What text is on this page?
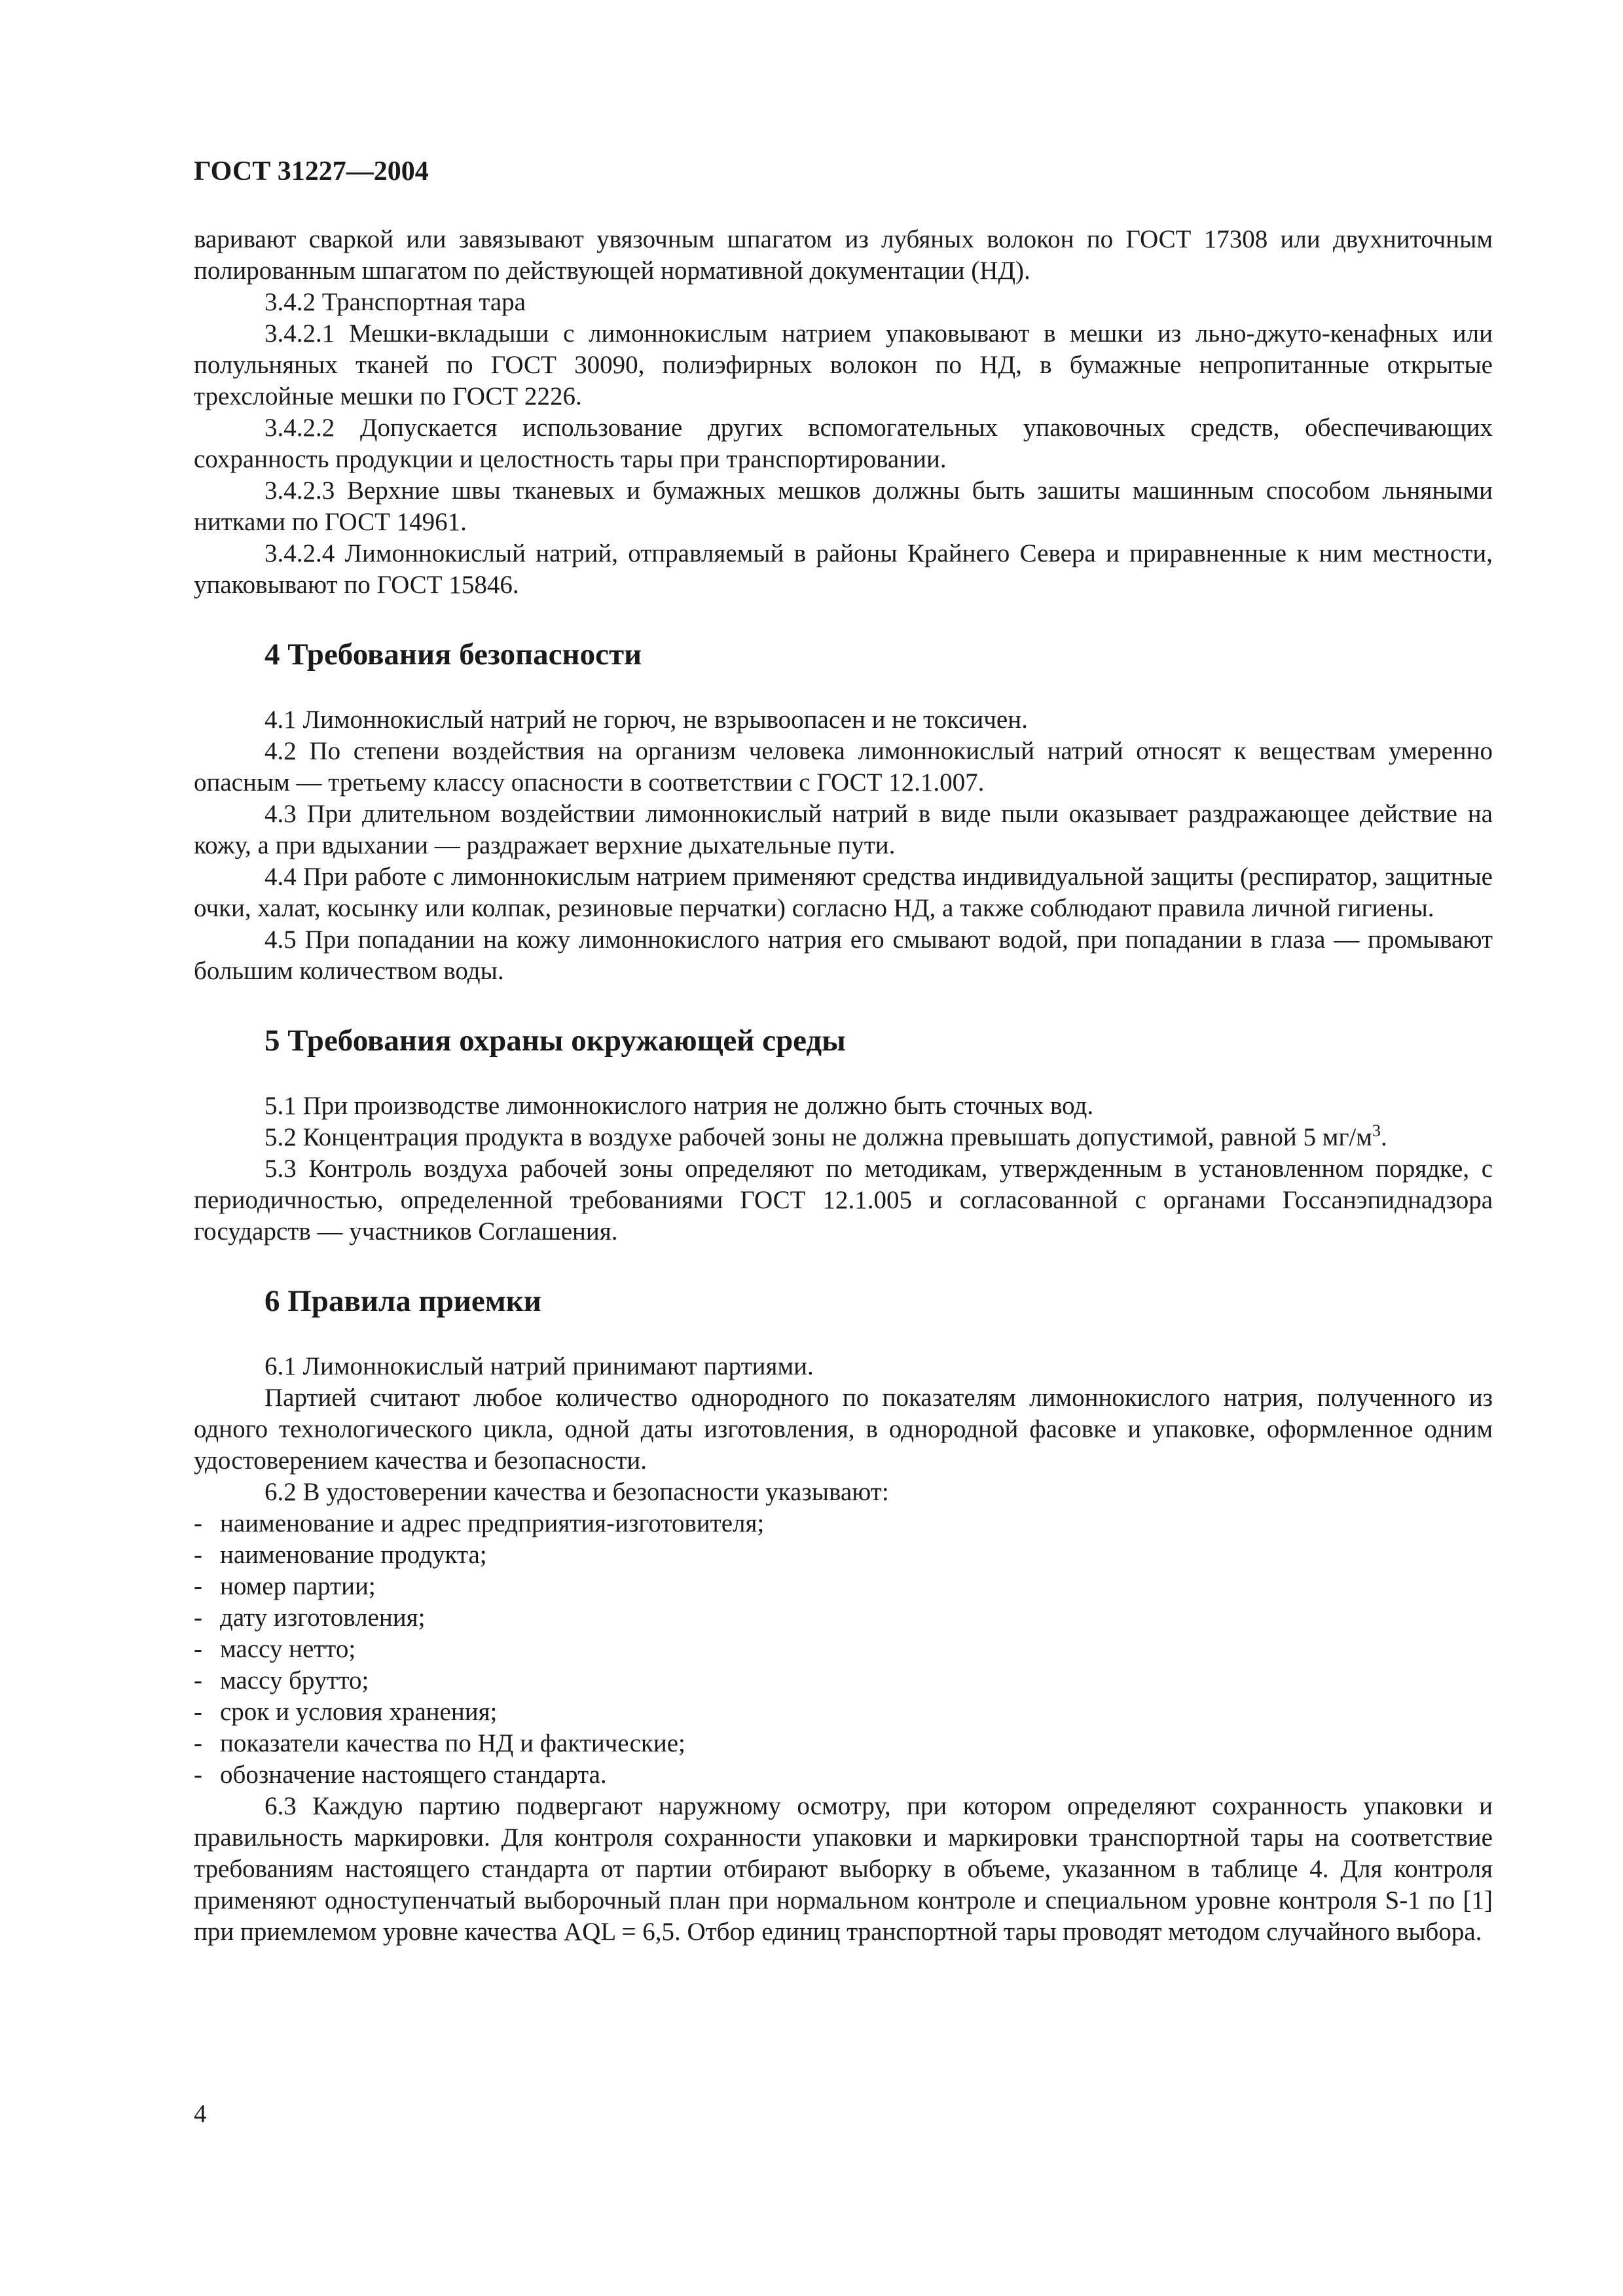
ГОСТ 31227—2004

варивают сваркой или завязывают увязочным шпагатом из лубяных волокон по ГОСТ 17308 или двухниточным полированным шпагатом по действующей нормативной документации (НД).

3.4.2 Транспортная тара

3.4.2.1 Мешки-вкладыши с лимоннокислым натрием упаковывают в мешки из льно-джуто-кенафных или полульняных тканей по ГОСТ 30090, полиэфирных волокон по НД, в бумажные непропитанные открытые трехслойные мешки по ГОСТ 2226.

3.4.2.2 Допускается использование других вспомогательных упаковочных средств, обеспечивающих сохранность продукции и целостность тары при транспортировании.

3.4.2.3 Верхние швы тканевых и бумажных мешков должны быть зашиты машинным способом льняными нитками по ГОСТ 14961.

3.4.2.4 Лимоннокислый натрий, отправляемый в районы Крайнего Севера и приравненные к ним местности, упаковывают по ГОСТ 15846.

4 Требования безопасности

4.1 Лимоннокислый натрий не горюч, не взрывоопасен и не токсичен.

4.2 По степени воздействия на организм человека лимоннокислый натрий относят к веществам умеренно опасным — третьему классу опасности в соответствии с ГОСТ 12.1.007.

4.3 При длительном воздействии лимоннокислый натрий в виде пыли оказывает раздражающее действие на кожу, а при вдыхании — раздражает верхние дыхательные пути.

4.4 При работе с лимоннокислым натрием применяют средства индивидуальной защиты (респиратор, защитные очки, халат, косынку или колпак, резиновые перчатки) согласно НД, а также соблюдают правила личной гигиены.

4.5 При попадании на кожу лимоннокислого натрия его смывают водой, при попадании в глаза — промывают большим количеством воды.

5 Требования охраны окружающей среды

5.1 При производстве лимоннокислого натрия не должно быть сточных вод.

5.2 Концентрация продукта в воздухе рабочей зоны не должна превышать допустимой, равной 5 $мг/м^3$.

5.3 Контроль воздуха рабочей зоны определяют по методикам, утвержденным в установленном порядке, с периодичностью, определенной требованиями ГОСТ 12.1.005 и согласованной с органами Госсанэпиднадзора государств — участников Соглашения.

6 Правила приемки

6.1 Лимоннокислый натрий принимают партиями.

Партией считают любое количество однородного по показателям лимоннокислого натрия, полученного из одного технологического цикла, одной даты изготовления, в однородной фасовке и упаковке, оформленное одним удостоверением качества и безопасности.

6.2 В удостоверении качества и безопасности указывают:

- наименование и адрес предприятия-изготовителя;
- наименование продукта;
- номер партии;
- дату изготовления;
- массу нетто;
- массу брутто;
- срок и условия хранения;
- показатели качества по НД и фактические;
- обозначение настоящего стандарта.

6.3 Каждую партию подвергают наружному осмотру, при котором определяют сохранность упаковки и правильность маркировки. Для контроля сохранности упаковки и маркировки транспортной тары на соответствие требованиям настоящего стандарта от партии отбирают выборку в объеме, указанном в таблице 4. Для контроля применяют одноступенчатый выборочный план при нормальном контроле и специальном уровне контроля S-1 по [1] при приемлемом уровне качества AQL = 6,5. Отбор единиц транспортной тары проводят методом случайного выбора.

4
